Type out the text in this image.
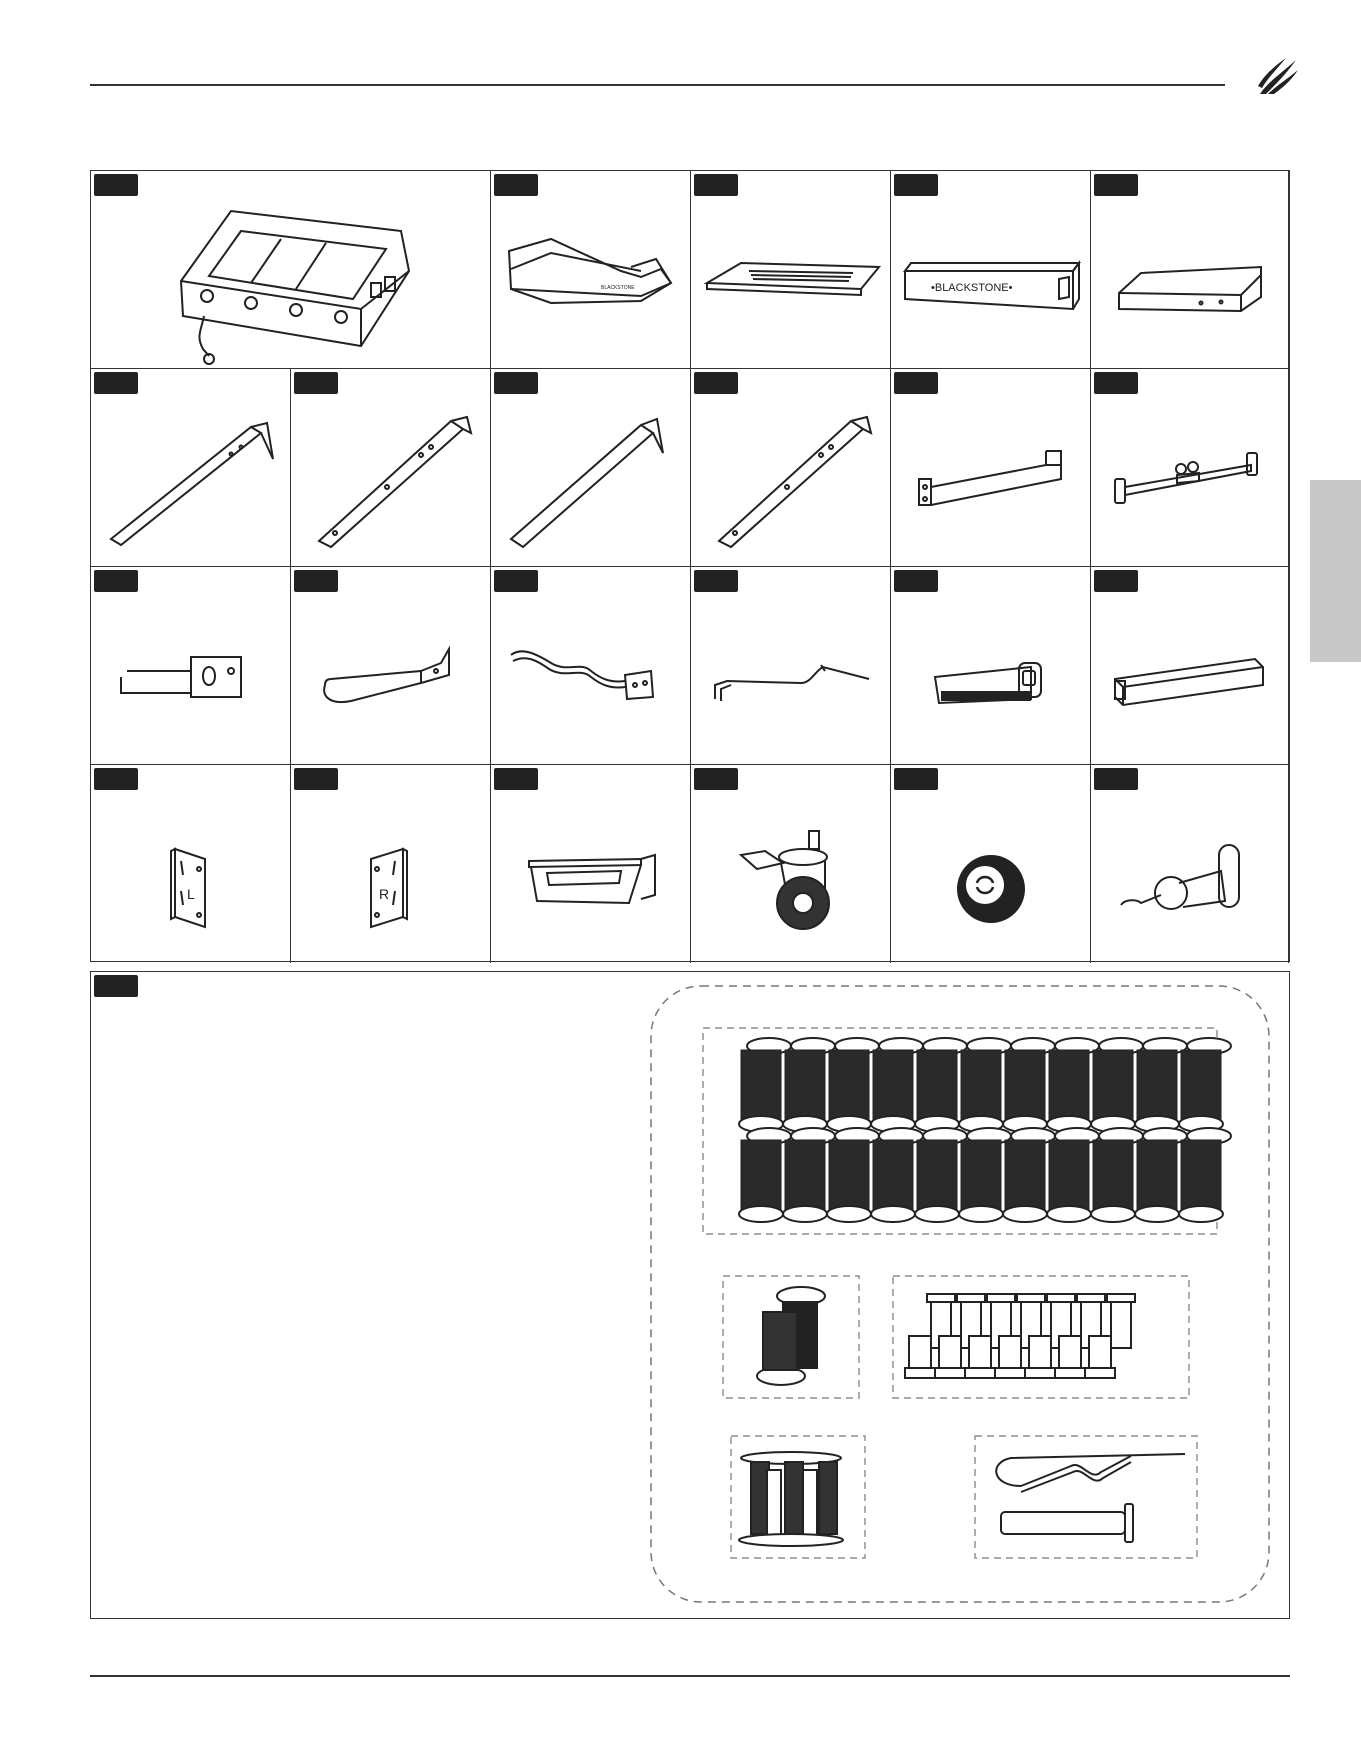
BLACKSTONE	•BLACKSTONE•
L	R
